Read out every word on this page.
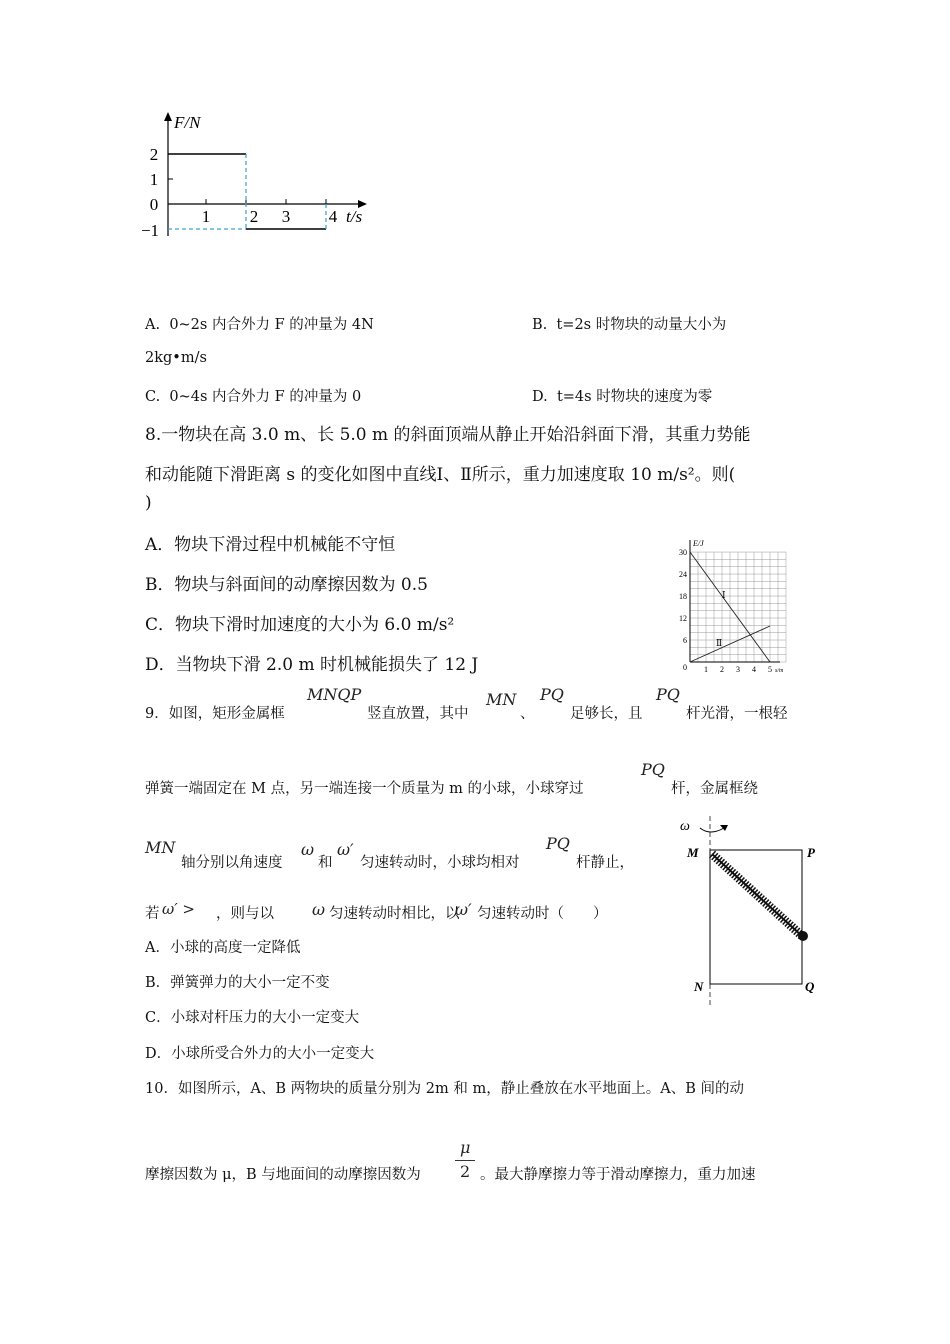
F/N
2
1
0
−1
1 2 3 4 t/s
A. 0~2s 内合外力 F 的冲量为 4N	B. t=2s 时物块的动量大小为
2kg•m/s
C. 0~4s 内合外力 F 的冲量为 0	D. t=4s 时物块的速度为零
8.一物块在高 3.0 m、长 5.0 m 的斜面顶端从静止开始沿斜面下滑，其重力势能
和动能随下滑距离 s 的变化如图中直线Ⅰ、Ⅱ所示，重力加速度取 10 m/s²。则(
)
A．物块下滑过程中机械能不守恒
B．物块与斜面间的动摩擦因数为 0.5
C．物块下滑时加速度的大小为 6.0 m/s²
D．当物块下滑 2.0 m 时机械能损失了 12 J
E/J
30
24
18
12
6
0 1 2 3 4 5 s/m
Ⅰ
Ⅱ
9．如图，矩形金属框
MNQP
竖直放置，其中
MN
、
PQ
足够长，且
PQ
杆光滑，一根轻
弹簧一端固定在 M 点，另一端连接一个质量为 m 的小球，小球穿过
PQ
杆，金属框绕
MN
轴分别以角速度
ω
和
ω′
匀速转动时，小球均相对
PQ
杆静止，
若 ω′ > ，则与以 ω 匀速转动时相比，以
ω′ 匀速转动时（　　）
A．小球的高度一定降低
B．弹簧弹力的大小一定不变
C．小球对杆压力的大小一定变大
D．小球所受合外力的大小一定变大
ω
M	P
N	Q
10．如图所示，A、B 两物块的质量分别为 2m 和 m，静止叠放在水平地面上。A、B 间的动
μ
2
摩擦因数为 μ，B 与地面间的动摩擦因数为	。最大静摩擦力等于滑动摩擦力，重力加速
